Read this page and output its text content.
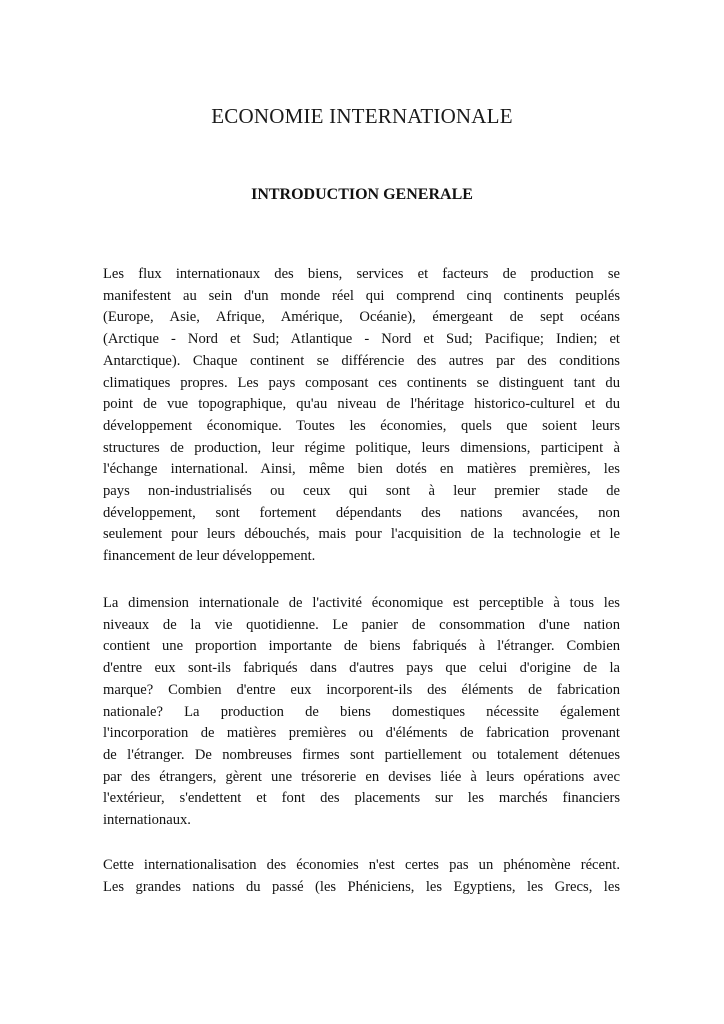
ECONOMIE INTERNATIONALE
INTRODUCTION GENERALE
Les flux internationaux des biens, services et facteurs de production se
manifestent au sein d'un monde réel qui comprend cinq continents peuplés
(Europe, Asie, Afrique, Amérique, Océanie), émergeant de sept océans
(Arctique - Nord et Sud; Atlantique - Nord et Sud; Pacifique; Indien; et
Antarctique). Chaque continent se différencie des autres par des conditions
climatiques propres. Les pays composant ces continents se distinguent tant du
point de vue topographique, qu'au niveau de l'héritage historico-culturel et du
développement économique. Toutes les économies, quels que soient leurs
structures de production, leur régime politique, leurs dimensions, participent à
l'échange international. Ainsi, même bien dotés en matières premières, les
pays non-industrialisés ou ceux qui sont à leur premier stade de
développement, sont fortement dépendants des nations avancées, non
seulement pour leurs débouchés, mais pour l'acquisition de la technologie et le
financement de leur développement.
La dimension internationale de l'activité économique est perceptible à tous les
niveaux de la vie quotidienne. Le panier de consommation d'une nation
contient une proportion importante de biens fabriqués à l'étranger. Combien
d'entre eux sont-ils fabriqués dans d'autres pays que celui d'origine de la
marque? Combien d'entre eux incorporent-ils des éléments de fabrication
nationale? La production de biens domestiques nécessite également
l'incorporation de matières premières ou d'éléments de fabrication provenant
de l'étranger. De nombreuses firmes sont partiellement ou totalement détenues
par des étrangers, gèrent une trésorerie en devises liée à leurs opérations avec
l'extérieur, s'endettent et font des placements sur les marchés financiers
internationaux.
Cette internationalisation des économies n'est certes pas un phénomène récent.
Les grandes nations du passé (les Phéniciens, les Egyptiens, les Grecs, les
